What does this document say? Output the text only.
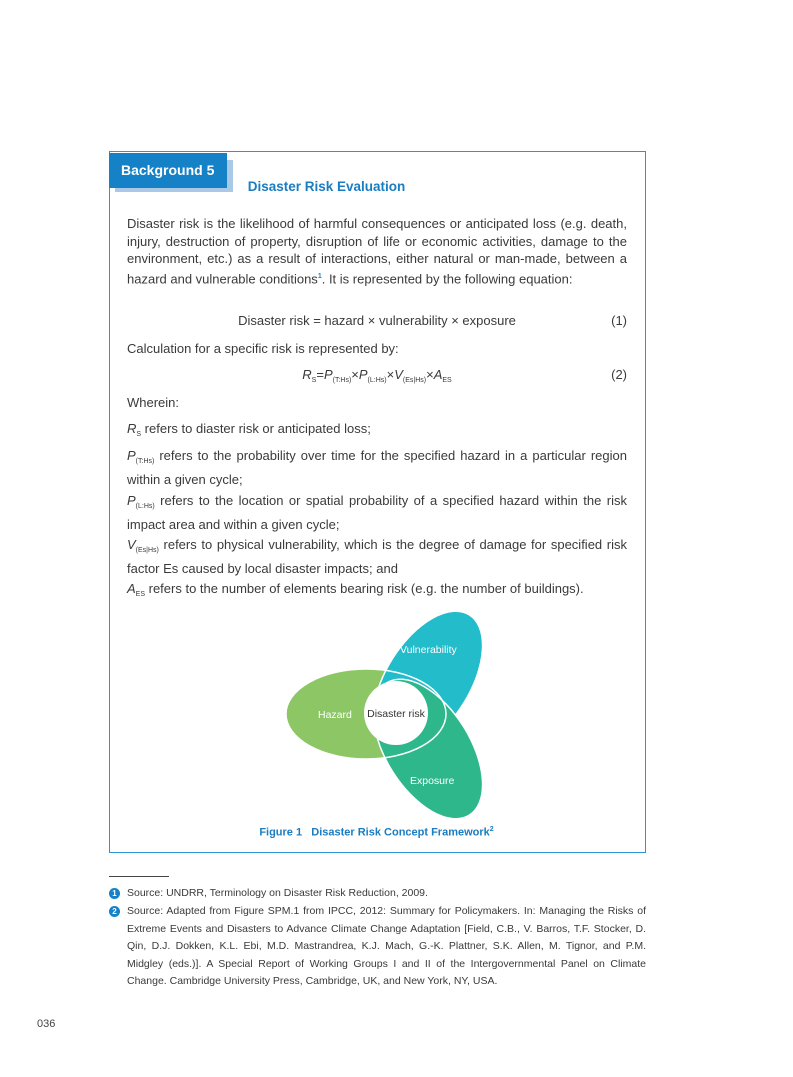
Background 5
Disaster Risk Evaluation
Disaster risk is the likelihood of harmful consequences or anticipated loss (e.g. death, injury, destruction of property, disruption of life or economic activities, damage to the environment, etc.) as a result of interactions, either natural or man-made, between a hazard and vulnerable conditions$^1$. It is represented by the following equation:
Disaster risk = hazard × vulnerability × exposure	(1)
Calculation for a specific risk is represented by:
$R_S=P_{(T:Hs)}\times P_{(L:Hs)}\times V_{(Es|Hs)}\times A_{ES}$	(2)
Wherein:
$R_S$ refers to diaster risk or anticipated loss;
$P_{(T:Hs)}$ refers to the probability over time for the specified hazard in a particular region within a given cycle;
$P_{(L:Hs)}$ refers to the location or spatial probability of a specified hazard within the risk impact area and within a given cycle;
$V_{(Es|Hs)}$ refers to physical vulnerability, which is the degree of damage for specified risk factor Es caused by local disaster impacts; and
$A_{ES}$ refers to the number of elements bearing risk (e.g. the number of buildings).
Hazard
Vulnerability
Exposure
Disaster risk
Figure 1   Disaster Risk Concept Framework$^2$
1 Source: UNDRR, Terminology on Disaster Risk Reduction, 2009.
2 Source: Adapted from Figure SPM.1 from IPCC, 2012: Summary for Policymakers. In: Managing the Risks of Extreme Events and Disasters to Advance Climate Change Adaptation [Field, C.B., V. Barros, T.F. Stocker, D. Qin, D.J. Dokken, K.L. Ebi, M.D. Mastrandrea, K.J. Mach, G.-K. Plattner, S.K. Allen, M. Tignor, and P.M. Midgley (eds.)]. A Special Report of Working Groups I and II of the Intergovernmental Panel on Climate Change. Cambridge University Press, Cambridge, UK, and New York, NY, USA.
036
